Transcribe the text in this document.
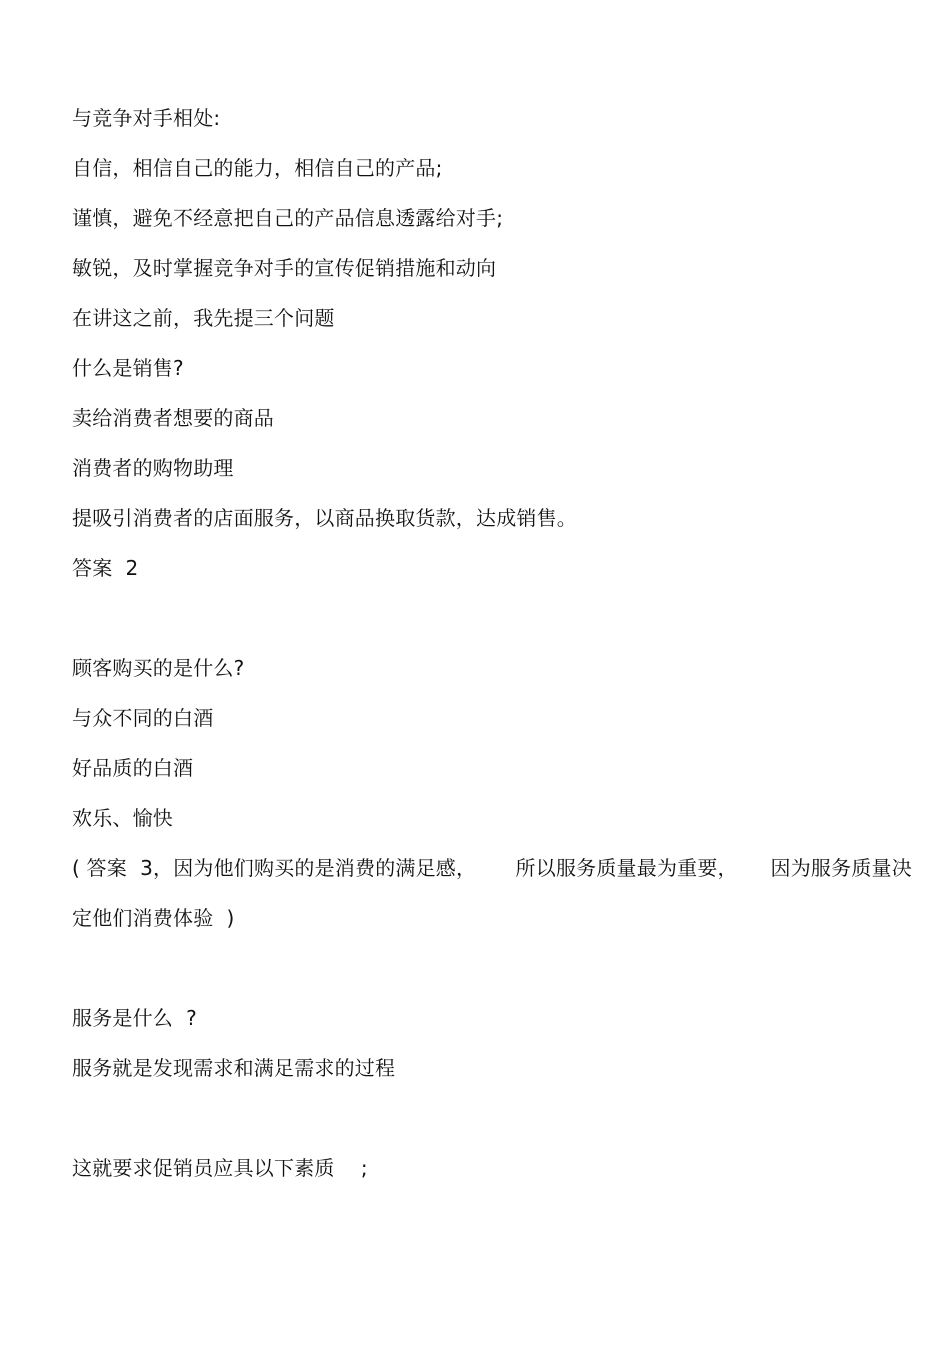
与竞争对手相处:
自信，相信自己的能力，相信自己的产品;
谨慎，避免不经意把自己的产品信息透露给对手;
敏锐，及时掌握竞争对手的宣传促销措施和动向
在讲这之前，我先提三个问题
什么是销售?
卖给消费者想要的商品
消费者的购物助理
提吸引消费者的店面服务，以商品换取货款，达成销售。
答案  2
顾客购买的是什么?
与众不同的白酒
好品质的白酒
欢乐、愉快
( 答案  3，因为他们购买的是消费的满足感，      所以服务质量最为重要，     因为服务质量决
定他们消费体验  )
服务是什么  ?
服务就是发现需求和满足需求的过程
这就要求促销员应具以下素质    ;
